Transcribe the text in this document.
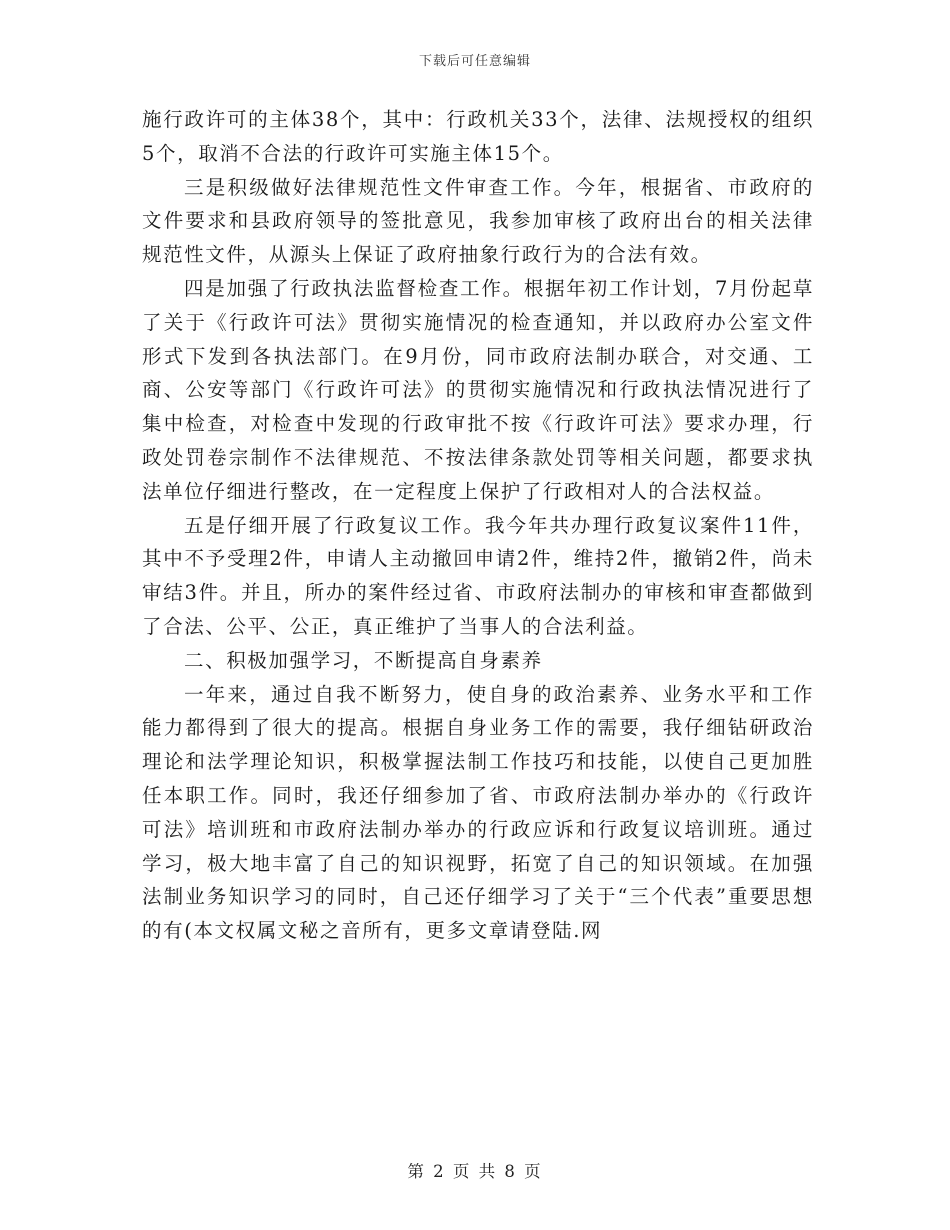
下载后可任意编辑

施行政许可的主体38个，其中：行政机关33个，法律、法规授权的组织5个，取消不合法的行政许可实施主体15个。

三是积级做好法律规范性文件审查工作。今年，根据省、市政府的文件要求和县政府领导的签批意见，我参加审核了政府出台的相关法律规范性文件，从源头上保证了政府抽象行政行为的合法有效。

四是加强了行政执法监督检查工作。根据年初工作计划，7月份起草了关于《行政许可法》贯彻实施情况的检查通知，并以政府办公室文件形式下发到各执法部门。在9月份，同市政府法制办联合，对交通、工商、公安等部门《行政许可法》的贯彻实施情况和行政执法情况进行了集中检查，对检查中发现的行政审批不按《行政许可法》要求办理，行政处罚卷宗制作不法律规范、不按法律条款处罚等相关问题，都要求执法单位仔细进行整改，在一定程度上保护了行政相对人的合法权益。

五是仔细开展了行政复议工作。我今年共办理行政复议案件11件，其中不予受理2件，申请人主动撤回申请2件，维持2件，撤销2件，尚未审结3件。并且，所办的案件经过省、市政府法制办的审核和审查都做到了合法、公平、公正，真正维护了当事人的合法利益。

二、积极加强学习，不断提高自身素养

一年来，通过自我不断努力，使自身的政治素养、业务水平和工作能力都得到了很大的提高。根据自身业务工作的需要，我仔细钻研政治理论和法学理论知识，积极掌握法制工作技巧和技能，以使自己更加胜任本职工作。同时，我还仔细参加了省、市政府法制办举办的《行政许可法》培训班和市政府法制办举办的行政应诉和行政复议培训班。通过学习，极大地丰富了自己的知识视野，拓宽了自己的知识领域。在加强法制业务知识学习的同时，自己还仔细学习了关于“三个代表”重要思想的有(本文权属文秘之音所有，更多文章请登陆.网

第 2 页 共 8 页
